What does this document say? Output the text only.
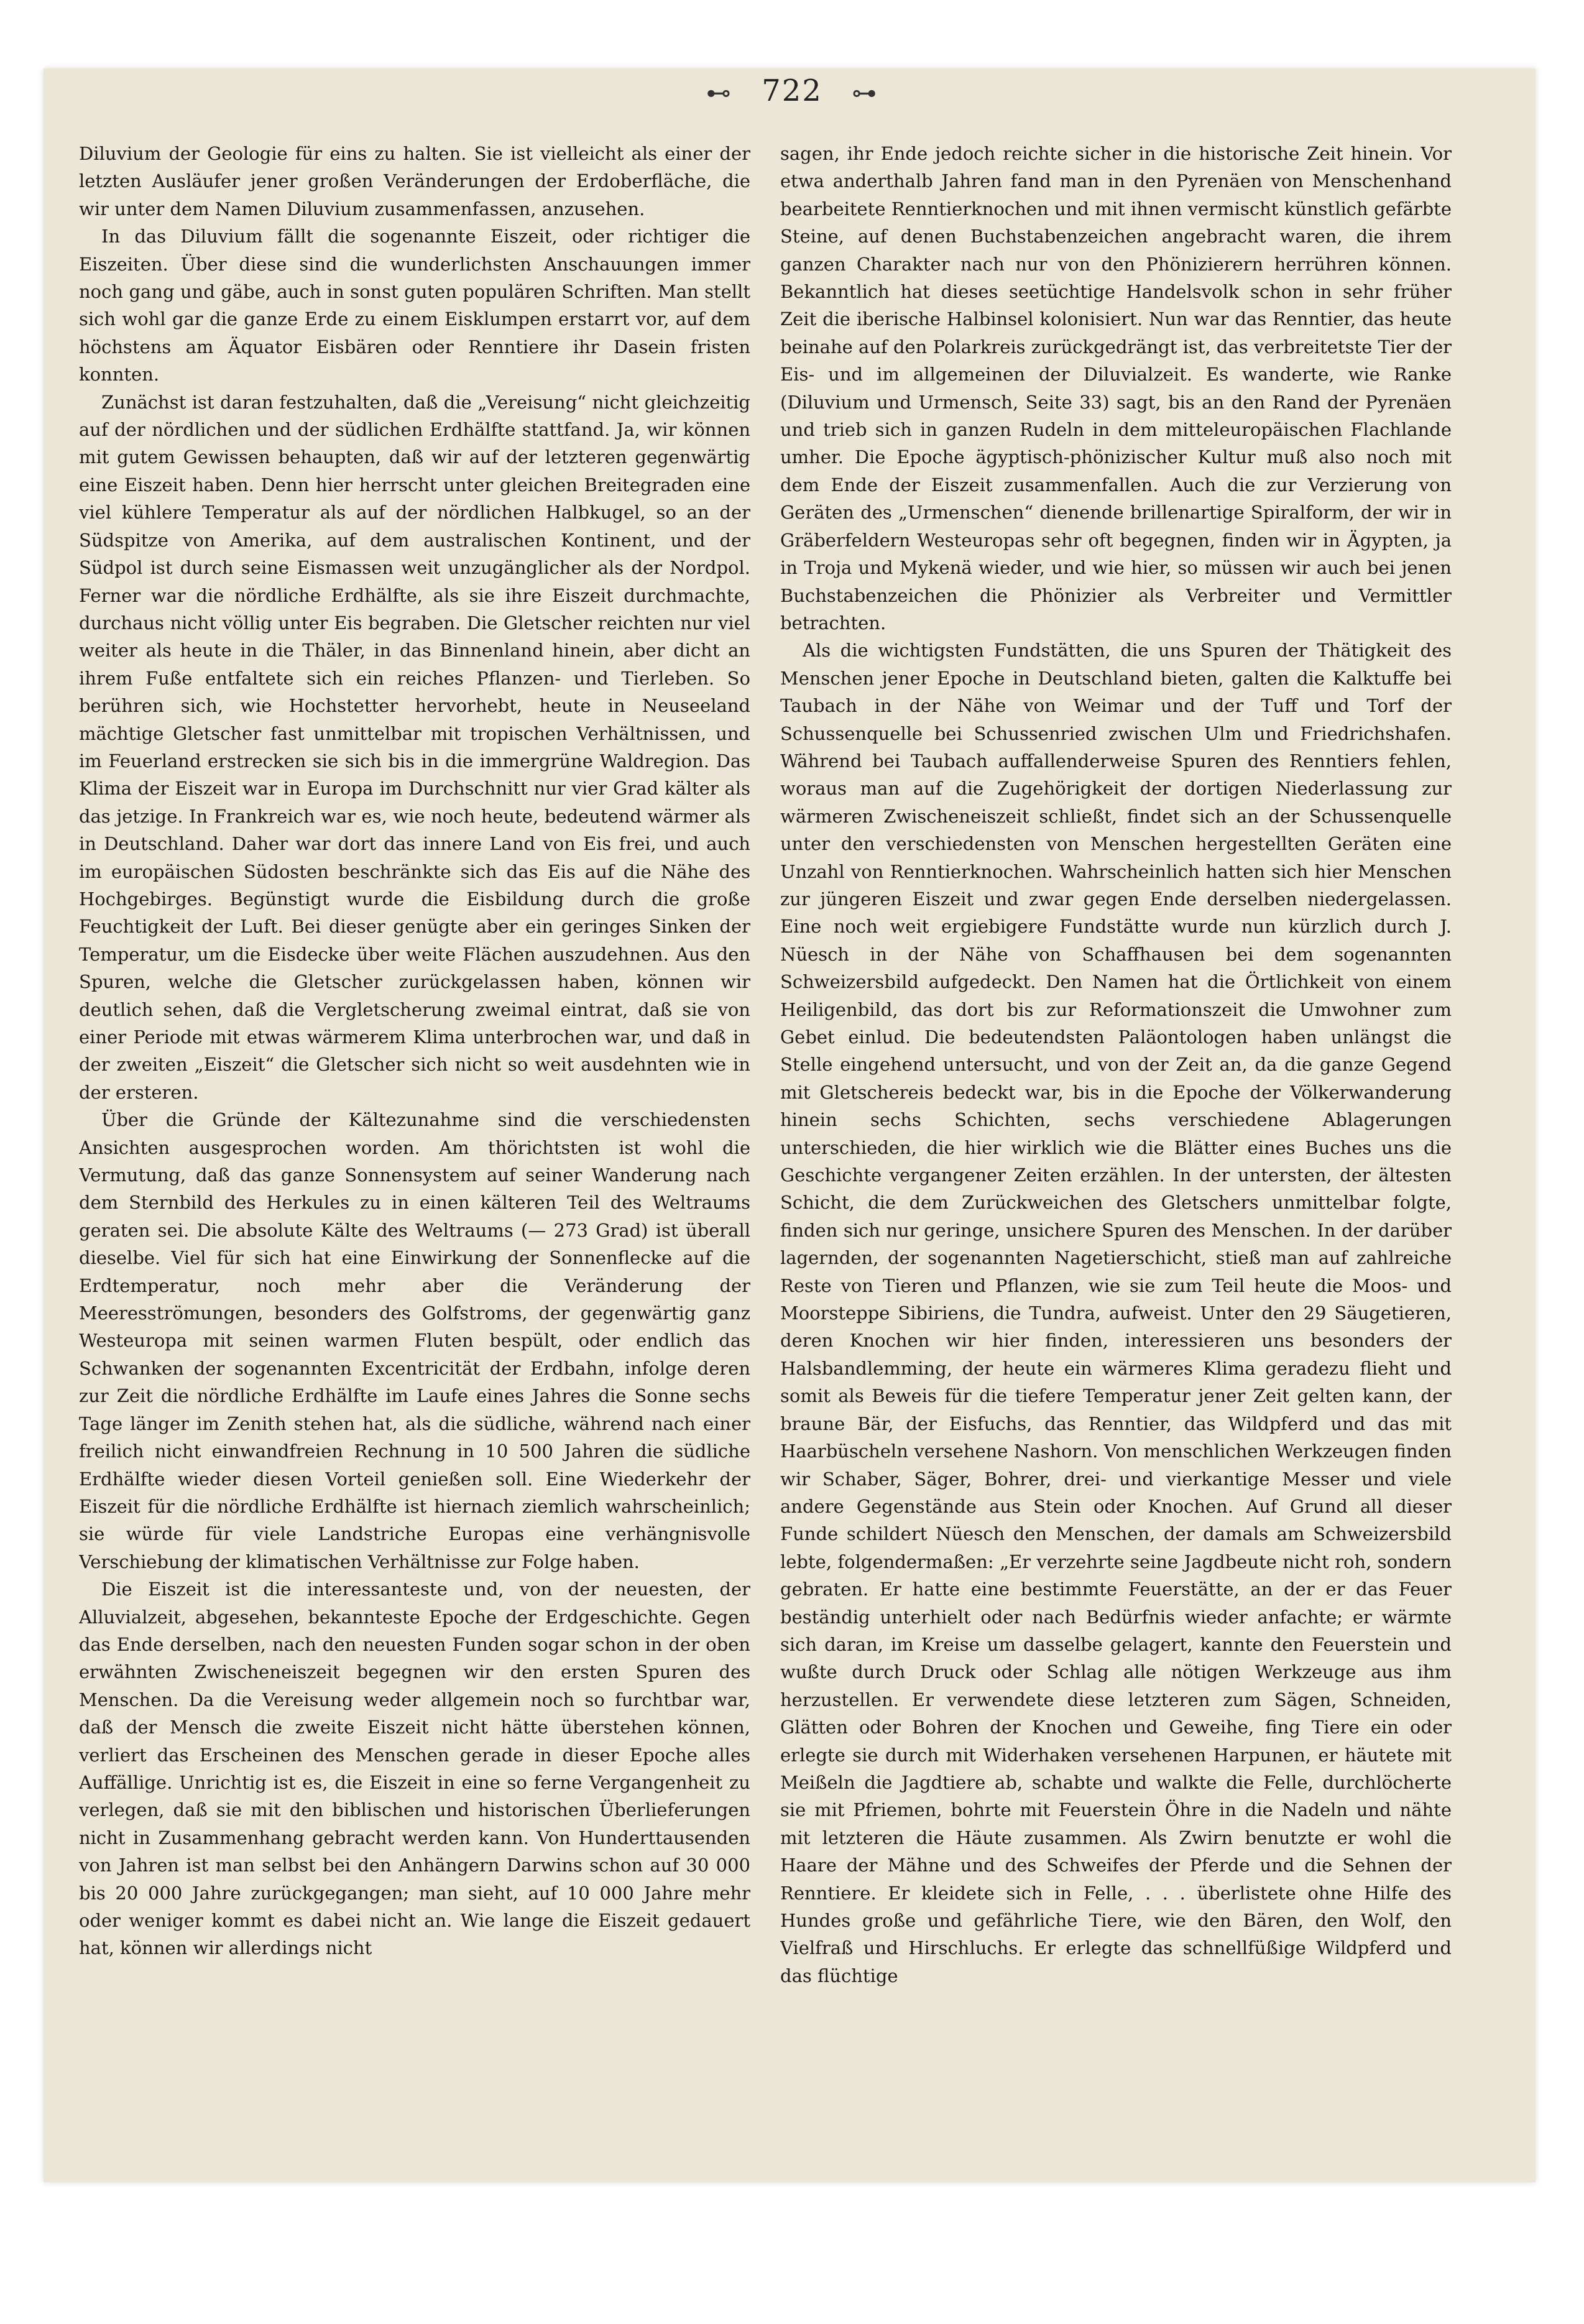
⊷ 722 ⊶

Diluvium der Geologie für eins zu halten. Sie ist vielleicht als einer der letzten Ausläufer jener großen Veränderungen der Erdoberfläche, die wir unter dem Namen Diluvium zusammenfassen, anzusehen.

In das Diluvium fällt die sogenannte Eiszeit, oder richtiger die Eiszeiten. Über diese sind die wunderlichsten Anschauungen immer noch gang und gäbe, auch in sonst guten populären Schriften. Man stellt sich wohl gar die ganze Erde zu einem Eisklumpen erstarrt vor, auf dem höchstens am Äquator Eisbären oder Renntiere ihr Dasein fristen konnten.

Zunächst ist daran festzuhalten, daß die „Vereisung“ nicht gleichzeitig auf der nördlichen und der südlichen Erdhälfte stattfand. Ja, wir können mit gutem Gewissen behaupten, daß wir auf der letzteren gegenwärtig eine Eiszeit haben. Denn hier herrscht unter gleichen Breitegraden eine viel kühlere Temperatur als auf der nördlichen Halbkugel, so an der Südspitze von Amerika, auf dem australischen Kontinent, und der Südpol ist durch seine Eismassen weit unzugänglicher als der Nordpol. Ferner war die nördliche Erdhälfte, als sie ihre Eiszeit durchmachte, durchaus nicht völlig unter Eis begraben. Die Gletscher reichten nur viel weiter als heute in die Thäler, in das Binnenland hinein, aber dicht an ihrem Fuße entfaltete sich ein reiches Pflanzen- und Tierleben. So berühren sich, wie Hochstetter hervorhebt, heute in Neuseeland mächtige Gletscher fast unmittelbar mit tropischen Verhältnissen, und im Feuerland erstrecken sie sich bis in die immergrüne Waldregion. Das Klima der Eiszeit war in Europa im Durchschnitt nur vier Grad kälter als das jetzige. In Frankreich war es, wie noch heute, bedeutend wärmer als in Deutschland. Daher war dort das innere Land von Eis frei, und auch im europäischen Südosten beschränkte sich das Eis auf die Nähe des Hochgebirges. Begünstigt wurde die Eisbildung durch die große Feuchtigkeit der Luft. Bei dieser genügte aber ein geringes Sinken der Temperatur, um die Eisdecke über weite Flächen auszudehnen. Aus den Spuren, welche die Gletscher zurückgelassen haben, können wir deutlich sehen, daß die Vergletscherung zweimal eintrat, daß sie von einer Periode mit etwas wärmerem Klima unterbrochen war, und daß in der zweiten „Eiszeit“ die Gletscher sich nicht so weit ausdehnten wie in der ersteren.

Über die Gründe der Kältezunahme sind die verschiedensten Ansichten ausgesprochen worden. Am thörichtsten ist wohl die Vermutung, daß das ganze Sonnensystem auf seiner Wanderung nach dem Sternbild des Herkules zu in einen kälteren Teil des Weltraums geraten sei. Die absolute Kälte des Weltraums (— 273 Grad) ist überall dieselbe. Viel für sich hat eine Einwirkung der Sonnenflecke auf die Erdtemperatur, noch mehr aber die Veränderung der Meeresströmungen, besonders des Golfstroms, der gegenwärtig ganz Westeuropa mit seinen warmen Fluten bespült, oder endlich das Schwanken der sogenannten Excentricität der Erdbahn, infolge deren zur Zeit die nördliche Erdhälfte im Laufe eines Jahres die Sonne sechs Tage länger im Zenith stehen hat, als die südliche, während nach einer freilich nicht einwandfreien Rechnung in 10 500 Jahren die südliche Erdhälfte wieder diesen Vorteil genießen soll. Eine Wiederkehr der Eiszeit für die nördliche Erdhälfte ist hiernach ziemlich wahrscheinlich; sie würde für viele Landstriche Europas eine verhängnisvolle Verschiebung der klimatischen Verhältnisse zur Folge haben.

Die Eiszeit ist die interessanteste und, von der neuesten, der Alluvialzeit, abgesehen, bekannteste Epoche der Erdgeschichte. Gegen das Ende derselben, nach den neuesten Funden sogar schon in der oben erwähnten Zwischeneiszeit begegnen wir den ersten Spuren des Menschen. Da die Vereisung weder allgemein noch so furchtbar war, daß der Mensch die zweite Eiszeit nicht hätte überstehen können, verliert das Erscheinen des Menschen gerade in dieser Epoche alles Auffällige. Unrichtig ist es, die Eiszeit in eine so ferne Vergangenheit zu verlegen, daß sie mit den biblischen und historischen Überlieferungen nicht in Zusammenhang gebracht werden kann. Von Hunderttausenden von Jahren ist man selbst bei den Anhängern Darwins schon auf 30 000 bis 20 000 Jahre zurückgegangen; man sieht, auf 10 000 Jahre mehr oder weniger kommt es dabei nicht an. Wie lange die Eiszeit gedauert hat, können wir allerdings nicht

sagen, ihr Ende jedoch reichte sicher in die historische Zeit hinein. Vor etwa anderthalb Jahren fand man in den Pyrenäen von Menschenhand bearbeitete Renntierknochen und mit ihnen vermischt künstlich gefärbte Steine, auf denen Buchstabenzeichen angebracht waren, die ihrem ganzen Charakter nach nur von den Phönizierern herrühren können. Bekanntlich hat dieses seetüchtige Handelsvolk schon in sehr früher Zeit die iberische Halbinsel kolonisiert. Nun war das Renntier, das heute beinahe auf den Polarkreis zurückgedrängt ist, das verbreitetste Tier der Eis- und im allgemeinen der Diluvialzeit. Es wanderte, wie Ranke (Diluvium und Urmensch, Seite 33) sagt, bis an den Rand der Pyrenäen und trieb sich in ganzen Rudeln in dem mitteleuropäischen Flachlande umher. Die Epoche ägyptisch-phönizischer Kultur muß also noch mit dem Ende der Eiszeit zusammenfallen. Auch die zur Verzierung von Geräten des „Urmenschen“ dienende brillenartige Spiralform, der wir in Gräberfeldern Westeuropas sehr oft begegnen, finden wir in Ägypten, ja in Troja und Mykenä wieder, und wie hier, so müssen wir auch bei jenen Buchstabenzeichen die Phönizier als Verbreiter und Vermittler betrachten.

Als die wichtigsten Fundstätten, die uns Spuren der Thätigkeit des Menschen jener Epoche in Deutschland bieten, galten die Kalktuffe bei Taubach in der Nähe von Weimar und der Tuff und Torf der Schussenquelle bei Schussenried zwischen Ulm und Friedrichshafen. Während bei Taubach auffallenderweise Spuren des Renntiers fehlen, woraus man auf die Zugehörigkeit der dortigen Niederlassung zur wärmeren Zwischeneiszeit schließt, findet sich an der Schussenquelle unter den verschiedensten von Menschen hergestellten Geräten eine Unzahl von Renntierknochen. Wahrscheinlich hatten sich hier Menschen zur jüngeren Eiszeit und zwar gegen Ende derselben niedergelassen. Eine noch weit ergiebigere Fundstätte wurde nun kürzlich durch J. Nüesch in der Nähe von Schaffhausen bei dem sogenannten Schweizersbild aufgedeckt. Den Namen hat die Örtlichkeit von einem Heiligenbild, das dort bis zur Reformationszeit die Umwohner zum Gebet einlud. Die bedeutendsten Paläontologen haben unlängst die Stelle eingehend untersucht, und von der Zeit an, da die ganze Gegend mit Gletschereis bedeckt war, bis in die Epoche der Völkerwanderung hinein sechs Schichten, sechs verschiedene Ablagerungen unterschieden, die hier wirklich wie die Blätter eines Buches uns die Geschichte vergangener Zeiten erzählen. In der untersten, der ältesten Schicht, die dem Zurückweichen des Gletschers unmittelbar folgte, finden sich nur geringe, unsichere Spuren des Menschen. In der darüber lagernden, der sogenannten Nagetierschicht, stieß man auf zahlreiche Reste von Tieren und Pflanzen, wie sie zum Teil heute die Moos- und Moorsteppe Sibiriens, die Tundra, aufweist. Unter den 29 Säugetieren, deren Knochen wir hier finden, interessieren uns besonders der Halsbandlemming, der heute ein wärmeres Klima geradezu flieht und somit als Beweis für die tiefere Temperatur jener Zeit gelten kann, der braune Bär, der Eisfuchs, das Renntier, das Wildpferd und das mit Haarbüscheln versehene Nashorn. Von menschlichen Werkzeugen finden wir Schaber, Säger, Bohrer, drei- und vierkantige Messer und viele andere Gegenstände aus Stein oder Knochen. Auf Grund all dieser Funde schildert Nüesch den Menschen, der damals am Schweizersbild lebte, folgendermaßen: „Er verzehrte seine Jagdbeute nicht roh, sondern gebraten. Er hatte eine bestimmte Feuerstätte, an der er das Feuer beständig unterhielt oder nach Bedürfnis wieder anfachte; er wärmte sich daran, im Kreise um dasselbe gelagert, kannte den Feuerstein und wußte durch Druck oder Schlag alle nötigen Werkzeuge aus ihm herzustellen. Er verwendete diese letzteren zum Sägen, Schneiden, Glätten oder Bohren der Knochen und Geweihe, fing Tiere ein oder erlegte sie durch mit Widerhaken versehenen Harpunen, er häutete mit Meißeln die Jagdtiere ab, schabte und walkte die Felle, durchlöcherte sie mit Pfriemen, bohrte mit Feuerstein Öhre in die Nadeln und nähte mit letzteren die Häute zusammen. Als Zwirn benutzte er wohl die Haare der Mähne und des Schweifes der Pferde und die Sehnen der Renntiere. Er kleidete sich in Felle, . . . überlistete ohne Hilfe des Hundes große und gefährliche Tiere, wie den Bären, den Wolf, den Vielfraß und Hirschluchs. Er erlegte das schnellfüßige Wildpferd und das flüchtige
